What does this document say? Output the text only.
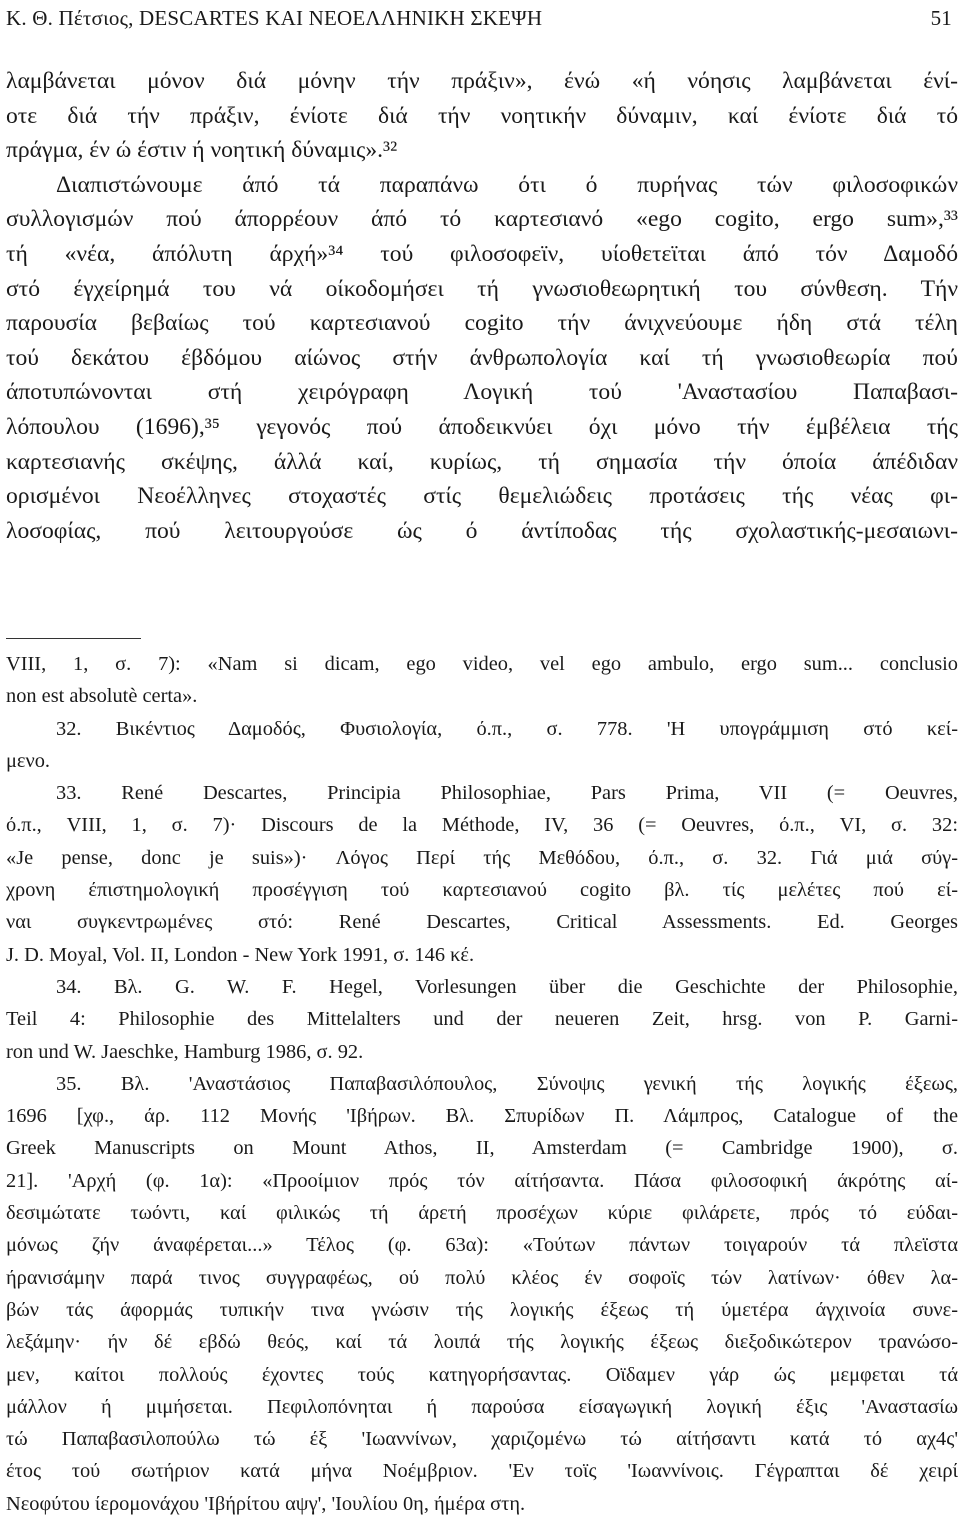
K. Θ. Πέτσιος, DESCARTES ΚΑΙ ΝΕΟΕΛΛΗΝΙΚΗ ΣΚΕΨΗ	51
λαμβάνεται μόνον διά μόνην τήν πράξιν», ένώ «ή νόησις λαμβάνεται ένί-
οτε διά τήν πράξιν, ένίοτε διά τήν νοητικήν δύναμιν, καί ένίοτε διά τό
πράγμα, έν ώ έστιν ή νοητική δύναμις».³²
Διαπιστώνουμε άπό τά παραπάνω ότι ό πυρήνας τών φιλοσοφικών
συλλογισμών πού άπορρέουν άπό τό καρτεσιανό «ego cogito, ergo sum»,³³
τή «νέα, άπόλυτη άρχή»³⁴ τού φιλοσοφεϊν, υίοθετεϊται άπό τόν Δαμοδό
στό έγχείρημά του νά οίκοδομήσει τή γνωσιοθεωρητική του σύνθεση. Τήν
παρουσία βεβαίως τού καρτεσιανού cogito τήν άνιχνεύουμε ήδη στά τέλη
τού δεκάτου έβδόμου αίώνος στήν άνθρωπολογία καί τή γνωσιοθεωρία πού
άποτυπώνονται στή χειρόγραφη Λογική τού 'Αναστασίου Παπαβασι-
λόπουλου (1696),³⁵ γεγονός πού άποδεικνύει όχι μόνο τήν έμβέλεια τής
καρτεσιανής σκέψης, άλλά καί, κυρίως, τή σημασία τήν όποία άπέδιδαν
ορισμένοι Νεοέλληνες στοχαστές στίς θεμελιώδεις προτάσεις τής νέας φι-
λοσοφίας, πού λειτουργούσε ώς ό άντίποδας τής σχολαστικής-μεσαιωνι-
VIII, 1, σ. 7): «Nam si dicam, ego video, vel ego ambulo, ergo sum... conclusio
non est absolutè certa».
32. Βικέντιος Δαμοδός, Φυσιολογία, ό.π., σ. 778. 'Η υπογράμμιση στό κεί-
μενο.
33. René Descartes, Principia Philosophiae, Pars Prima, VII (= Oeuvres,
ό.π., VIII, 1, σ. 7)· Discours de la Méthode, IV, 36 (= Oeuvres, ό.π., VI, σ. 32:
«Je pense, donc je suis»)· Λόγος Περί τής Μεθόδου, ό.π., σ. 32. Γιά μιά σύγ-
χρονη έπιστημολογική προσέγγιση τού καρτεσιανού cogito βλ. τίς μελέτες πού εί-
ναι συγκεντρωμένες στό: René Descartes, Critical Assessments. Ed. Georges
J. D. Moyal, Vol. II, London - New York 1991, σ. 146 κέ.
34. Βλ. G. W. F. Hegel, Vorlesungen über die Geschichte der Philosophie,
Teil 4: Philosophie des Mittelalters und der neueren Zeit, hrsg. von P. Garni-
ron und W. Jaeschke, Hamburg 1986, σ. 92.
35. Βλ. 'Αναστάσιος Παπαβασιλόπουλος, Σύνοψις γενική τής λογικής έξεως,
1696 [χφ., άρ. 112 Μονής 'Ιβήρων. Βλ. Σπυρίδων Π. Λάμπρος, Catalogue of the
Greek Manuscripts on Mount Athos, II, Amsterdam (= Cambridge 1900), σ.
21]. 'Αρχή (φ. 1α): «Προοίμιον πρός τόν αίτήσαντα. Πάσα φιλοσοφική άκρότης αί-
δεσιμώτατε τωόντι, καί φιλικώς τή άρετή προσέχων κύριε φιλάρετε, πρός τό εύδαι-
μόνως ζήν άναφέρεται...» Τέλος (φ. 63α): «Τούτων πάντων τοιγαρούν τά πλεϊστα
ήρανισάμην παρά τινος συγγραφέως, ού πολύ κλέος έν σοφοϊς τών λατίνων· όθεν λα-
βών τάς άφορμάς τυπικήν τινα γνώσιν τής λογικής έξεως τή ύμετέρα άγχινοία συνε-
λεξάμην· ήν δέ εβδώ θεός, καί τά λοιπά τής λογικής έξεως διεξοδικώτερον τρανώσο-
μεν, καίτοι πολλούς έχοντες τούς κατηγορήσαντας. Οϊδαμεν γάρ ώς μεμφεται τά
μάλλον ή μιμήσεται. Πεφιλοπόνηται ή παρούσα είσαγωγική λογική έξις 'Αναστασίω
τώ Παπαβασιλοπούλω τώ έξ 'Ιωαννίνων, χαριζομένω τώ αίτήσαντι κατά τό αχ4ς'
έτος τού σωτήριον κατά μήνα Νοέμβριον. 'Εν τοϊς 'Ιωαννίνοις. Γέγραπται δέ χειρί
Νεοφύτου ίερομονάχου 'Ιβήρίτου αψγ', 'Ιουλίου 0η, ήμέρα στη.
